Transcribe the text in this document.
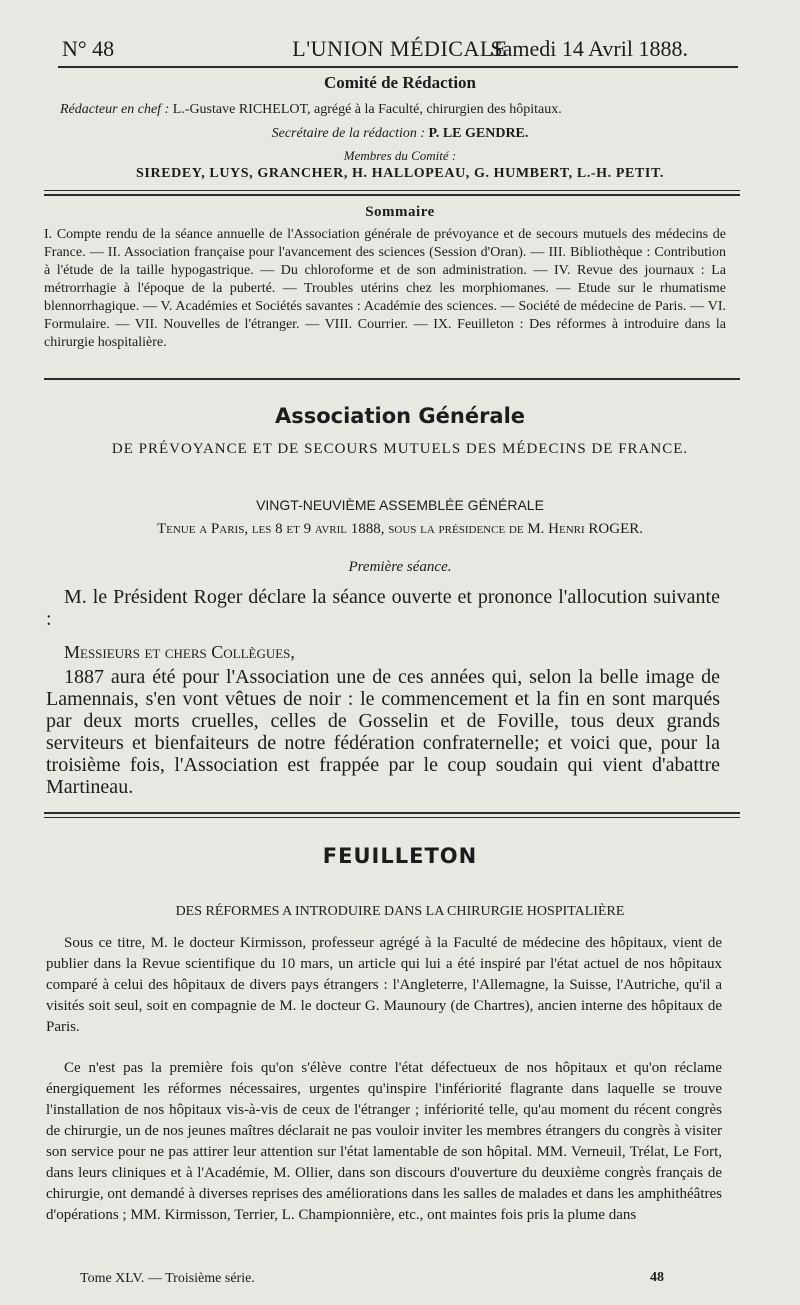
N° 48	L'UNION MÉDICALE
Samedi 14 Avril 1888.
Comité de Rédaction
Rédacteur en chef : L.-Gustave RICHELOT, agrégé à la Faculté, chirurgien des hôpitaux.
Secrétaire de la rédaction : P. LE GENDRE.
Membres du Comité :
SIREDEY, LUYS, GRANCHER, H. HALLOPEAU, G. HUMBERT, L.-H. PETIT.
Sommaire
I. Compte rendu de la séance annuelle de l'Association générale de prévoyance et de secours mutuels des médecins de France. — II. Association française pour l'avancement des sciences (Session d'Oran). — III. Bibliothèque : Contribution à l'étude de la taille hypogastrique. — Du chloroforme et de son administration. — IV. Revue des journaux : La métrorrhagie à l'époque de la puberté. — Troubles utérins chez les morphiomanes. — Etude sur le rhumatisme blennorrhagique. — V. Académies et Sociétés savantes : Académie des sciences. — Société de médecine de Paris. — VI. Formulaire. — VII. Nouvelles de l'étranger. — VIII. Courrier. — IX. Feuilleton : Des réformes à introduire dans la chirurgie hospitalière.
Association Générale
DE PRÉVOYANCE ET DE SECOURS MUTUELS DES MÉDECINS DE FRANCE.
VINGT-NEUVIÈME ASSEMBLÉE GÉNÉRALE
Tenue a Paris, les 8 et 9 avril 1888, sous la présidence de M. Henri ROGER.
Première séance.
M. le Président Roger déclare la séance ouverte et prononce l'allocution suivante :
Messieurs et chers Collègues,
1887 aura été pour l'Association une de ces années qui, selon la belle image de Lamennais, s'en vont vêtues de noir : le commencement et la fin en sont marqués par deux morts cruelles, celles de Gosselin et de Foville, tous deux grands serviteurs et bienfaiteurs de notre fédération confraternelle; et voici que, pour la troisième fois, l'Association est frappée par le coup soudain qui vient d'abattre Martineau.
FEUILLETON
DES RÉFORMES A INTRODUIRE DANS LA CHIRURGIE HOSPITALIÈRE
Sous ce titre, M. le docteur Kirmisson, professeur agrégé à la Faculté de médecine des hôpitaux, vient de publier dans la Revue scientifique du 10 mars, un article qui lui a été inspiré par l'état actuel de nos hôpitaux comparé à celui des hôpitaux de divers pays étrangers : l'Angleterre, l'Allemagne, la Suisse, l'Autriche, qu'il a visités soit seul, soit en compagnie de M. le docteur G. Maunoury (de Chartres), ancien interne des hôpitaux de Paris.
Ce n'est pas la première fois qu'on s'élève contre l'état défectueux de nos hôpitaux et qu'on réclame énergiquement les réformes nécessaires, urgentes qu'inspire l'infériorité flagrante dans laquelle se trouve l'installation de nos hôpitaux vis-à-vis de ceux de l'étranger ; infériorité telle, qu'au moment du récent congrès de chirurgie, un de nos jeunes maîtres déclarait ne pas vouloir inviter les membres étrangers du congrès à visiter son service pour ne pas attirer leur attention sur l'état lamentable de son hôpital. MM. Verneuil, Trélat, Le Fort, dans leurs cliniques et à l'Académie, M. Ollier, dans son discours d'ouverture du deuxième congrès français de chirurgie, ont demandé à diverses reprises des améliorations dans les salles de malades et dans les amphithéâtres d'opérations ; MM. Kirmisson, Terrier, L. Championnière, etc., ont maintes fois pris la plume dans
Tome XLV. — Troisième série.	48
